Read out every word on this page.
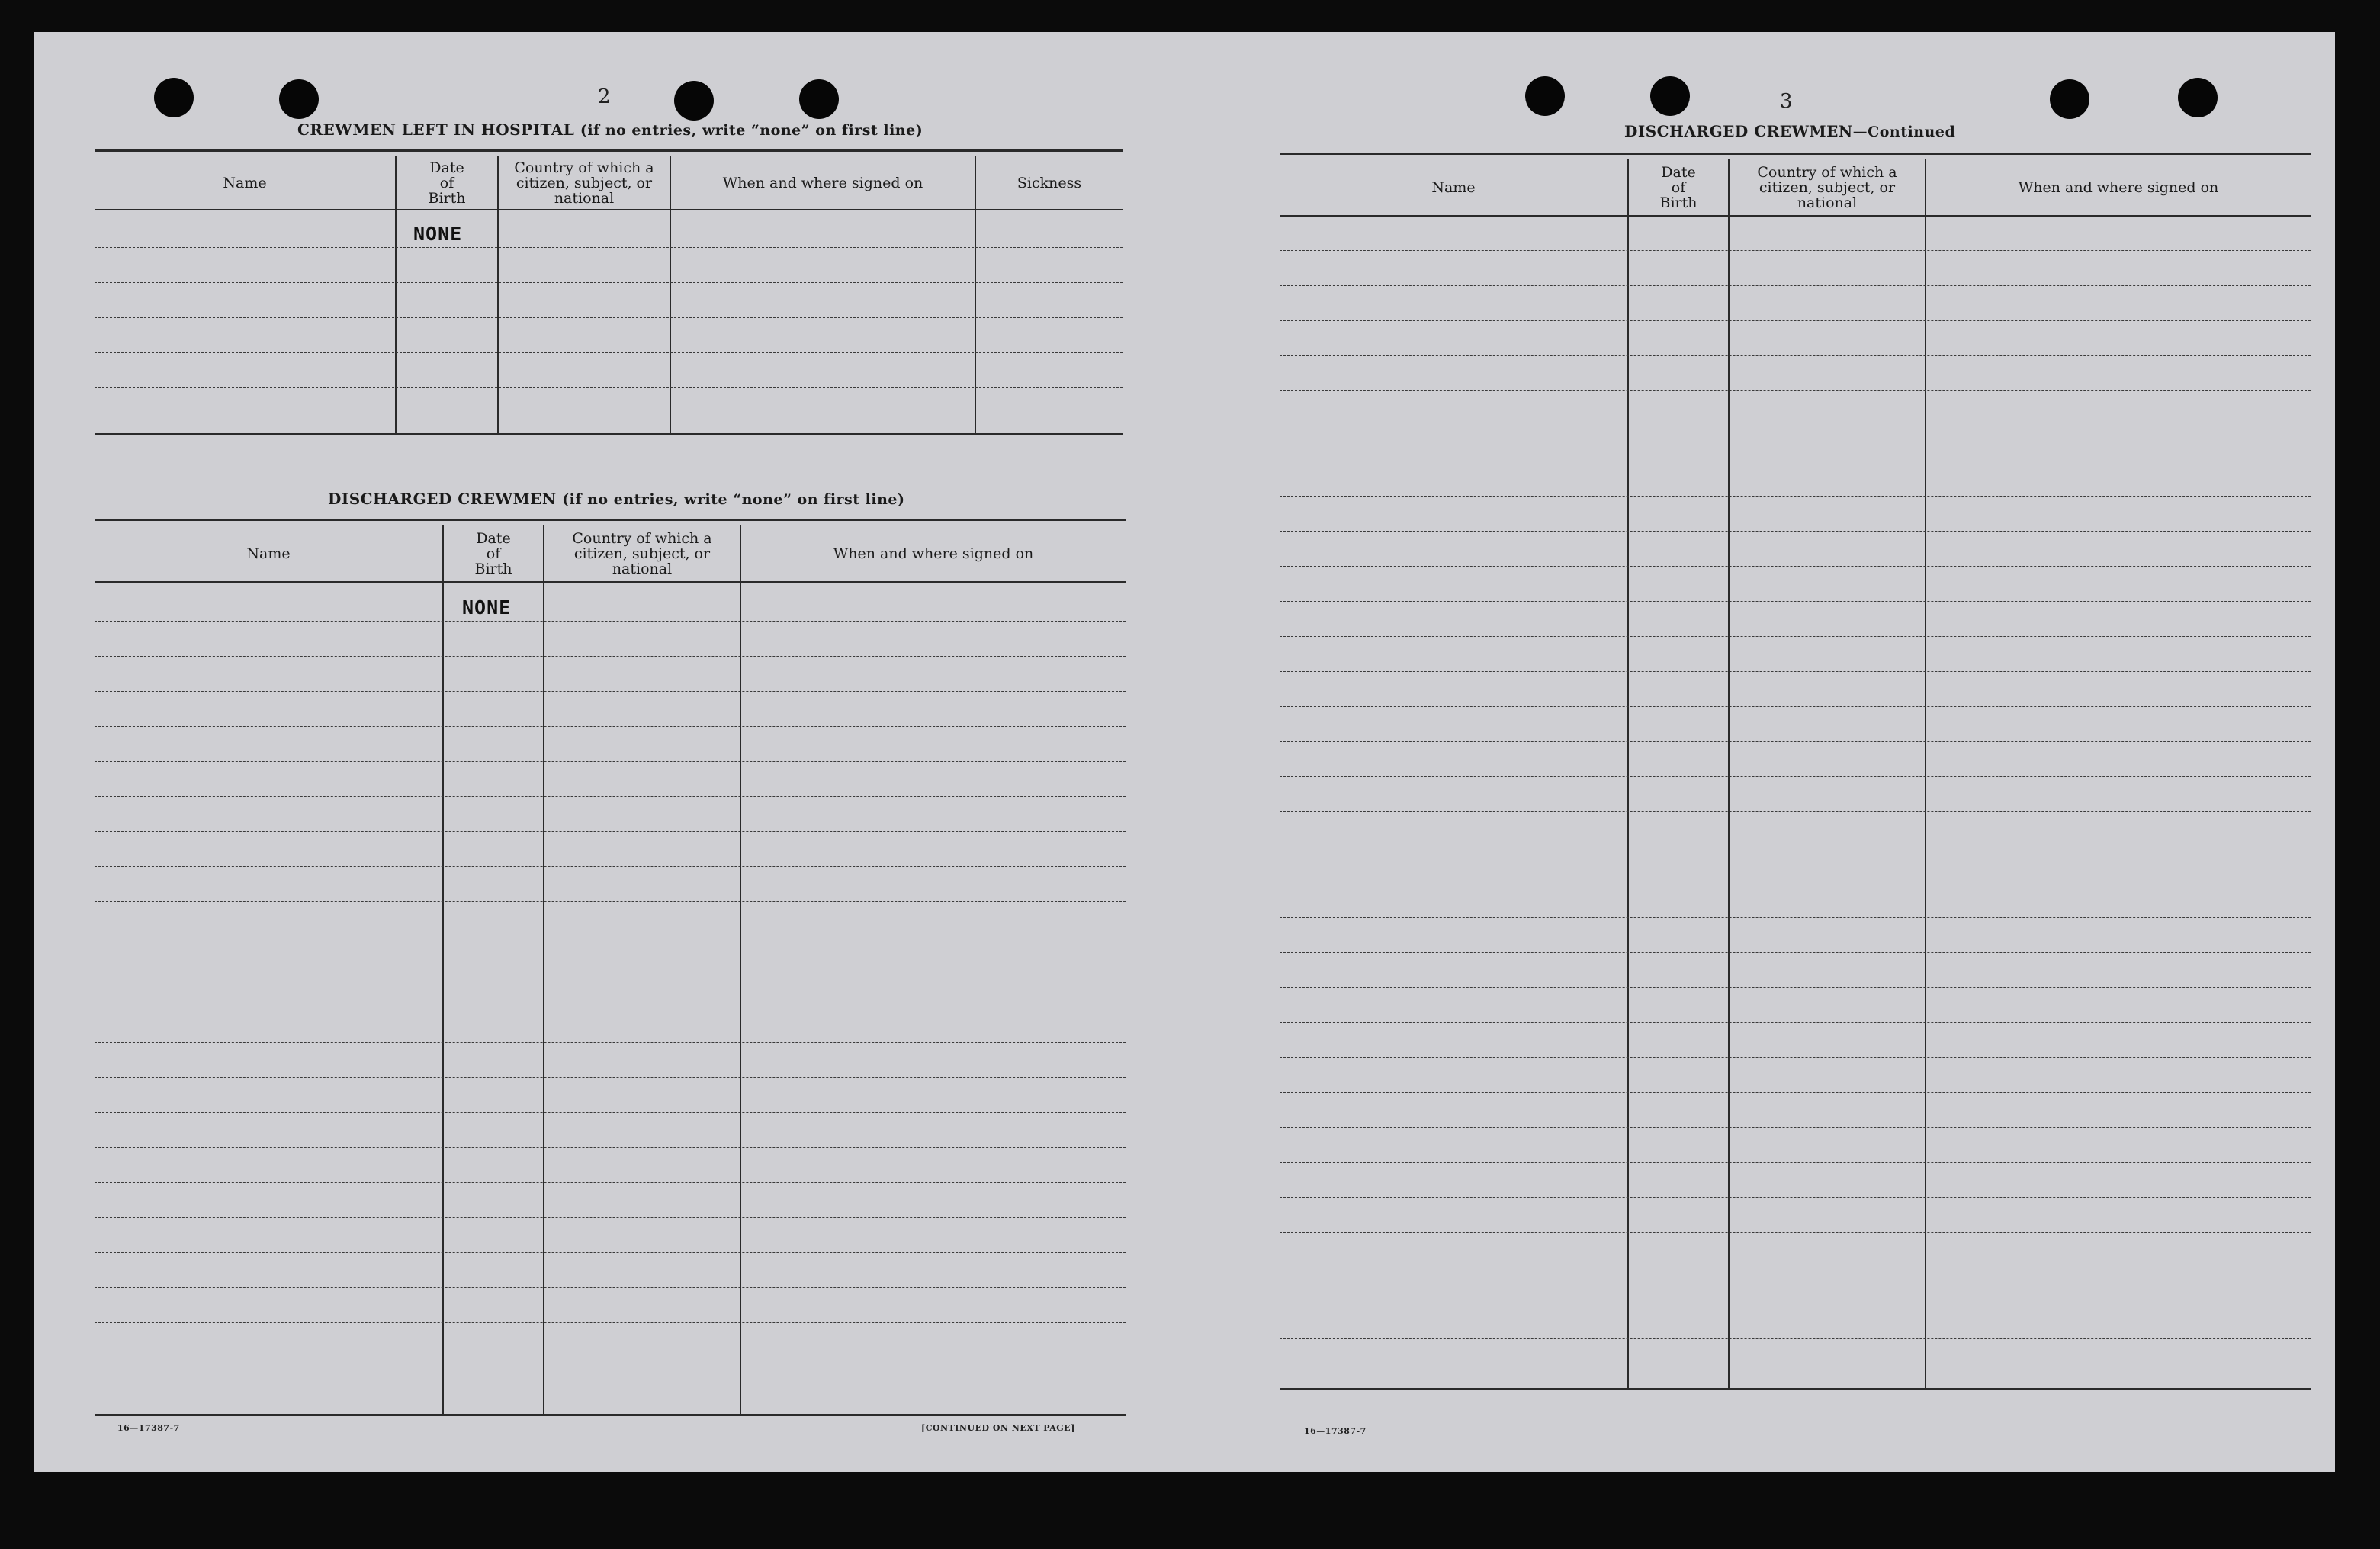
2
CREWMEN LEFT IN HOSPITAL (if no entries, write “none” on first line)
Name
Date of Birth
Country of which a citizen, subject, or national
When and where signed on	Sickness
NONE
DISCHARGED CREWMEN (if no entries, write “none” on first line)
Name
Date of Birth
Country of which a citizen, subject, or national
When and where signed on
NONE
16—17387-7	[CONTINUED ON NEXT PAGE]
3
DISCHARGED CREWMEN—Continued
Name
Date of Birth
Country of which a citizen, subject, or national
When and where signed on
16—17387-7
